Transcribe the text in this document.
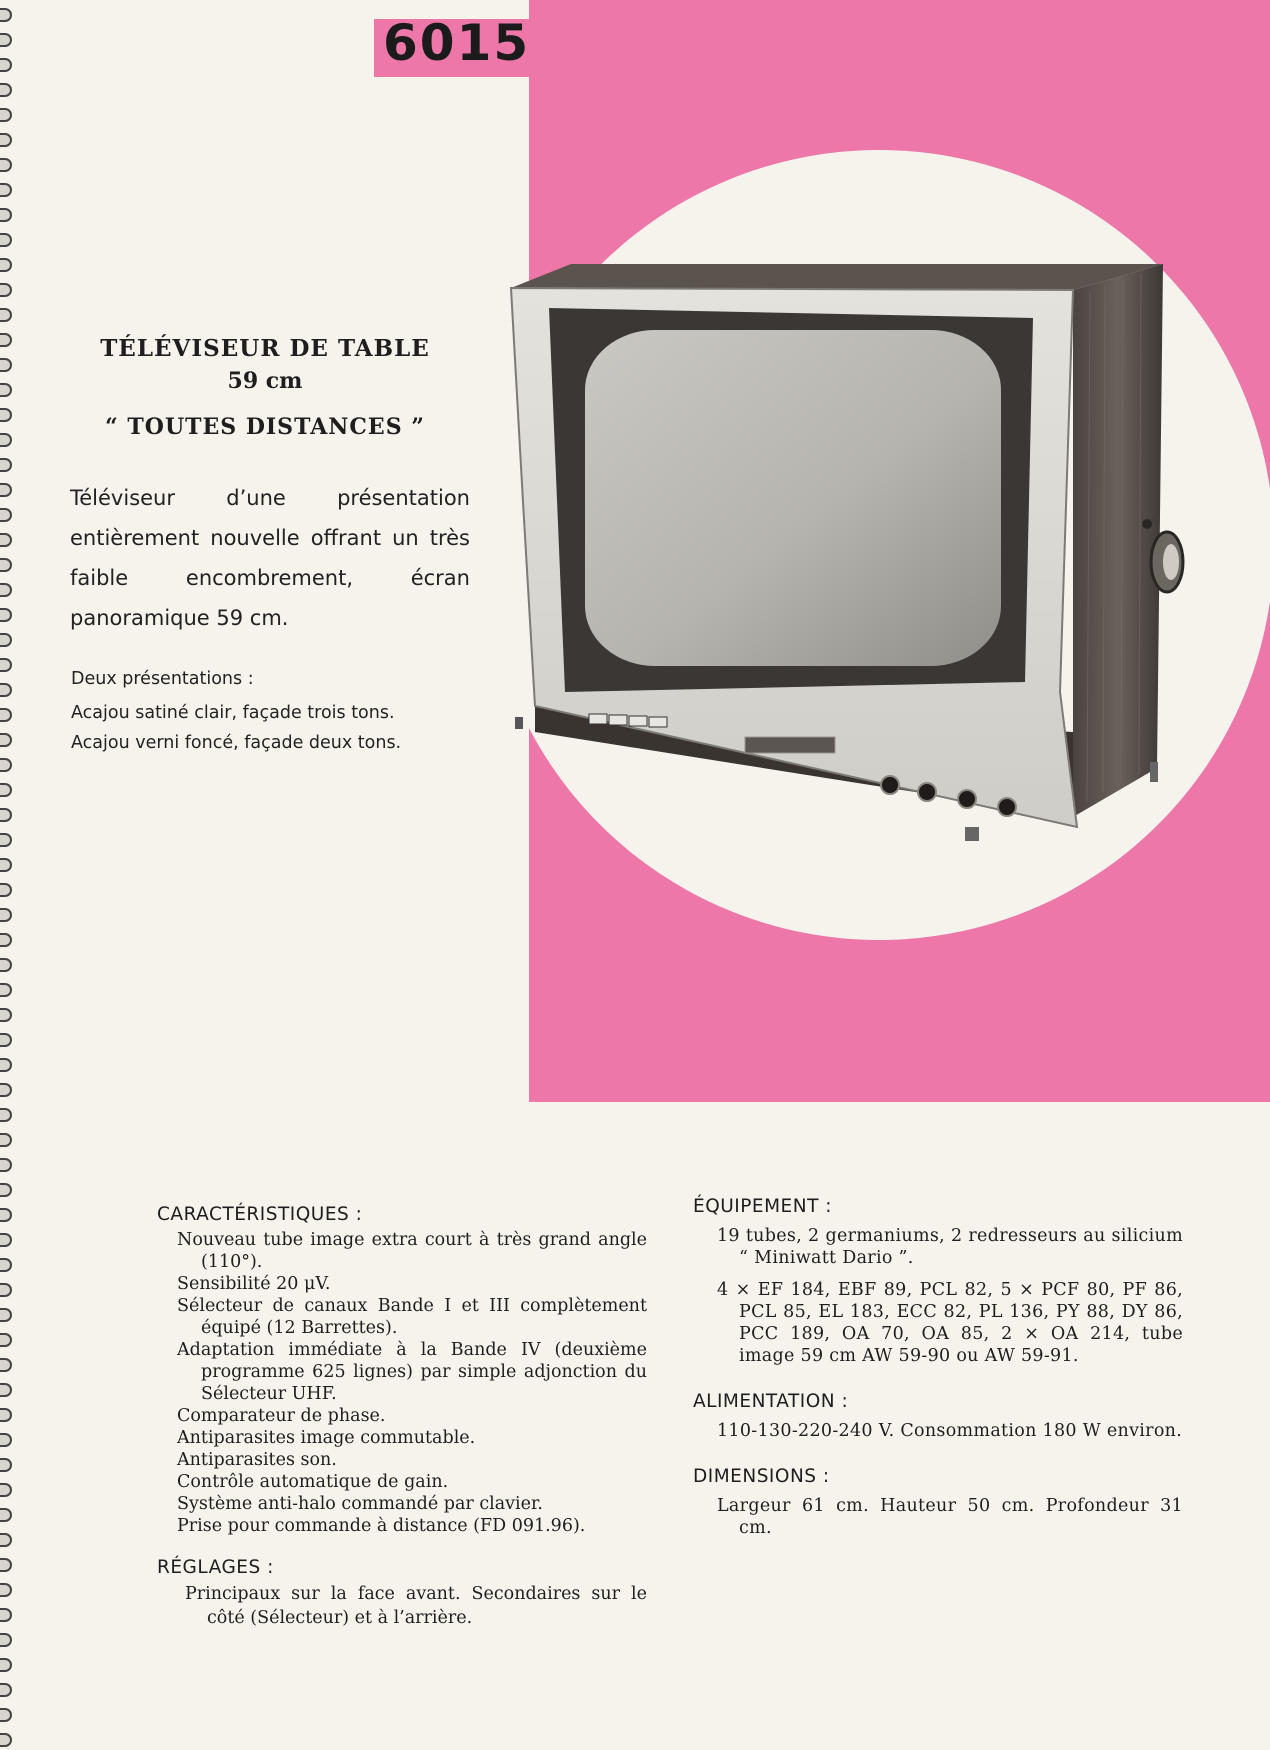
6015
TÉLÉVISEUR DE TABLE
59 cm
“ TOUTES DISTANCES ”
Téléviseur d’une présentation entièrement nouvelle offrant un très faible encombrement, écran panoramique 59 cm.
Deux présentations :
Acajou satiné clair, façade trois tons.
Acajou verni foncé, façade deux tons.
CARACTÉRISTIQUES :
Nouveau tube image extra court à très grand angle (110°).
Sensibilité 20 μV.
Sélecteur de canaux Bande I et III complètement équipé (12 Barrettes).
Adaptation immédiate à la Bande IV (deuxième programme 625 lignes) par simple adjonction du Sélecteur UHF.
Comparateur de phase.
Antiparasites image commutable.
Antiparasites son.
Contrôle automatique de gain.
Système anti-halo commandé par clavier.
Prise pour commande à distance (FD 091.96).
RÉGLAGES :
Principaux sur la face avant. Secondaires sur le côté (Sélecteur) et à l’arrière.
ÉQUIPEMENT :
19 tubes, 2 germaniums, 2 redresseurs au silicium “ Miniwatt Dario ”.
4 × EF 184, EBF 89, PCL 82, 5 × PCF 80, PF 86, PCL 85, EL 183, ECC 82, PL 136, PY 88, DY 86, PCC 189, OA 70, OA 85, 2 × OA 214, tube image 59 cm AW 59-90 ou AW 59-91.
ALIMENTATION :
110-130-220-240 V. Consommation 180 W environ.
DIMENSIONS :
Largeur 61 cm. Hauteur 50 cm. Profondeur 31 cm.
